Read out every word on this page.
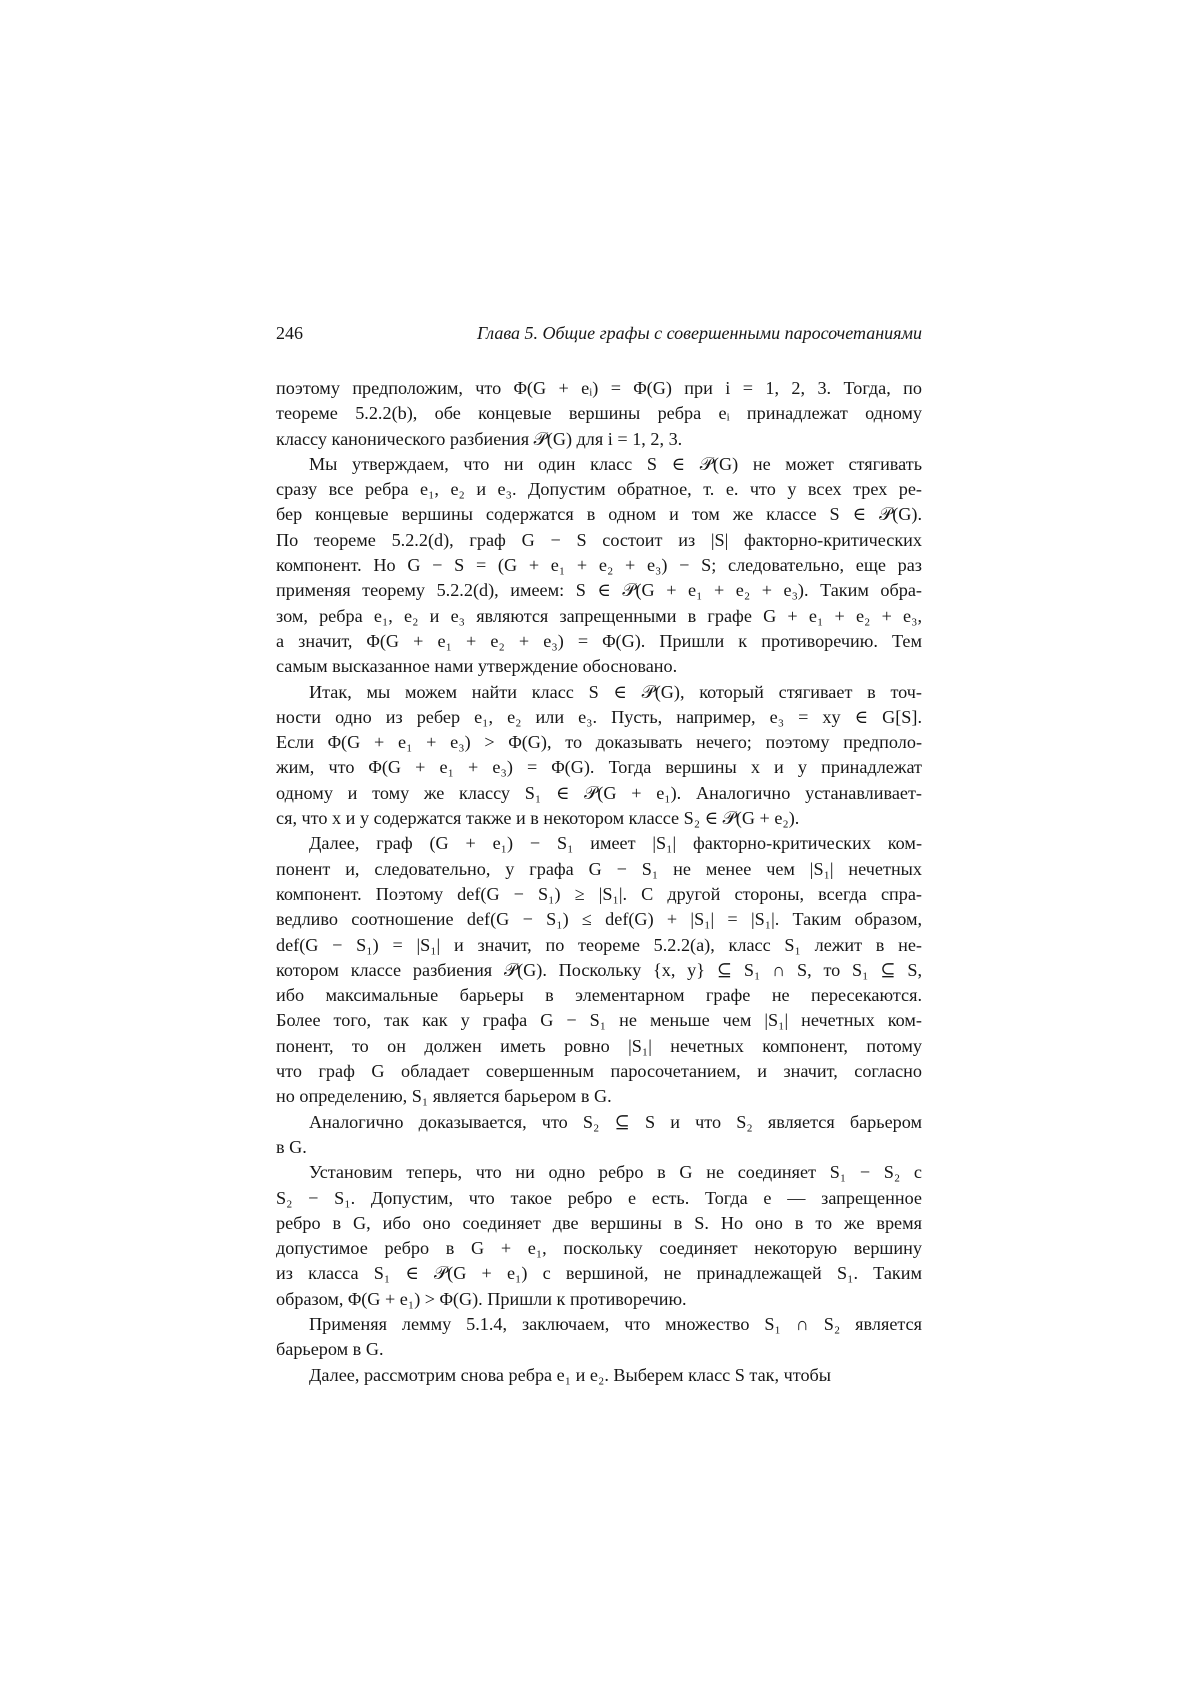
246	Глава 5. Общие графы с совершенными паросочетаниями
поэтому предположим, что Φ(G + eᵢ) = Φ(G) при i = 1, 2, 3. Тогда, по
теореме 5.2.2(b), обе концевые вершины ребра eᵢ принадлежат одному
классу канонического разбиения 𝒫(G) для i = 1, 2, 3.
Мы утверждаем, что ни один класс S ∈ 𝒫(G) не может стягивать
сразу все ребра e₁, e₂ и e₃. Допустим обратное, т. е. что у всех трех ре-
бер концевые вершины содержатся в одном и том же классе S ∈ 𝒫(G).
По теореме 5.2.2(d), граф G − S состоит из |S| факторно-критических
компонент. Но G − S = (G + e₁ + e₂ + e₃) − S; следовательно, еще раз
применяя теорему 5.2.2(d), имеем: S ∈ 𝒫(G + e₁ + e₂ + e₃). Таким обра-
зом, ребра e₁, e₂ и e₃ являются запрещенными в графе G + e₁ + e₂ + e₃,
а значит, Φ(G + e₁ + e₂ + e₃) = Φ(G). Пришли к противоречию. Тем
самым высказанное нами утверждение обосновано.
Итак, мы можем найти класс S ∈ 𝒫(G), который стягивает в точ-
ности одно из ребер e₁, e₂ или e₃. Пусть, например, e₃ = xy ∈ G[S].
Если Φ(G + e₁ + e₃) > Φ(G), то доказывать нечего; поэтому предполо-
жим, что Φ(G + e₁ + e₃) = Φ(G). Тогда вершины x и y принадлежат
одному и тому же классу S₁ ∈ 𝒫(G + e₁). Аналогично устанавливает-
ся, что x и y содержатся также и в некотором классе S₂ ∈ 𝒫(G + e₂).
Далее, граф (G + e₁) − S₁ имеет |S₁| факторно-критических ком-
понент и, следовательно, у графа G − S₁ не менее чем |S₁| нечетных
компонент. Поэтому def(G − S₁) ≥ |S₁|. С другой стороны, всегда спра-
ведливо соотношение def(G − S₁) ≤ def(G) + |S₁| = |S₁|. Таким образом,
def(G − S₁) = |S₁| и значит, по теореме 5.2.2(a), класс S₁ лежит в не-
котором классе разбиения 𝒫(G). Поскольку {x, y} ⊆ S₁ ∩ S, то S₁ ⊆ S,
ибо максимальные барьеры в элементарном графе не пересекаются.
Более того, так как у графа G − S₁ не меньше чем |S₁| нечетных ком-
понент, то он должен иметь ровно |S₁| нечетных компонент, потому
что граф G обладает совершенным паросочетанием, и значит, согласно
но определению, S₁ является барьером в G.
Аналогично доказывается, что S₂ ⊆ S и что S₂ является барьером
в G.
Установим теперь, что ни одно ребро в G не соединяет S₁ − S₂ с
S₂ − S₁. Допустим, что такое ребро e есть. Тогда e — запрещенное
ребро в G, ибо оно соединяет две вершины в S. Но оно в то же время
допустимое ребро в G + e₁, поскольку соединяет некоторую вершину
из класса S₁ ∈ 𝒫(G + e₁) с вершиной, не принадлежащей S₁. Таким
образом, Φ(G + e₁) > Φ(G). Пришли к противоречию.
Применяя лемму 5.1.4, заключаем, что множество S₁ ∩ S₂ является
барьером в G.
Далее, рассмотрим снова ребра e₁ и e₂. Выберем класс S так, чтобы
